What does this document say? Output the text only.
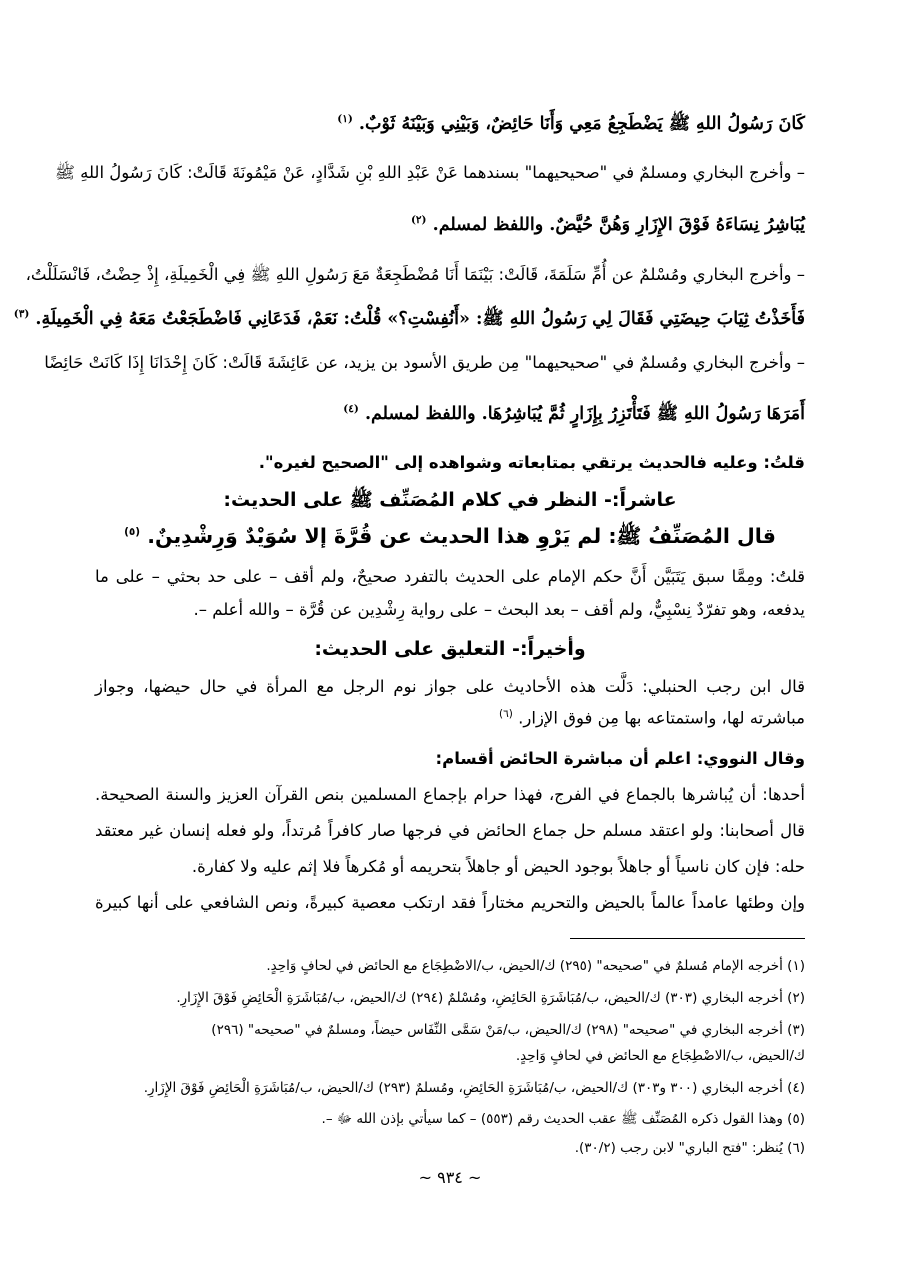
كَانَ رَسُولُ اللهِ ﷺ يَضْطَجِعُ مَعِي وَأَنَا حَائِضٌ، وَبَيْنِي وَبَيْنَهُ ثَوْبٌ. $^{(١)}$
– وأخرج البخاري ومسلمٌ في "صحيحيهما" بسندهما عَنْ عَبْدِ اللهِ بْنِ شَدَّادٍ، عَنْ مَيْمُونَةَ قَالَتْ: كَانَ رَسُولُ اللهِ ﷺ
يُبَاشِرُ نِسَاءَهُ فَوْقَ الإِزَارِ وَهُنَّ حُيَّضٌ. واللفظ لمسلم. $^{(٢)}$
– وأخرج البخاري ومُسْلمٌ عن أُمِّ سَلَمَةَ، قَالَتْ: بَيْنَمَا أَنَا مُضْطَجِعَةٌ مَعَ رَسُولِ اللهِ ﷺ فِي الْخَمِيلَةِ، إِذْ حِضْتُ، فَانْسَلَلْتُ،
فَأَخَذْتُ ثِيَابَ حِيضَتِي فَقَالَ لِي رَسُولُ اللهِ ﷺ: «أَنُفِسْتِ؟» قُلْتُ: نَعَمْ، فَدَعَانِي فَاضْطَجَعْتُ مَعَهُ فِي الْخَمِيلَةِ. $^{(٣)}$
– وأخرج البخاري ومُسلمٌ في "صحيحيهما" مِن طريق الأسود بن يزيد، عن عَائِشَةَ قَالَتْ: كَانَ إِحْدَانَا إِذَا كَانَتْ حَائِضًا
أَمَرَهَا رَسُولُ اللهِ ﷺ فَتَأْتَزِرُ بِإِزَارٍ ثُمَّ يُبَاشِرُهَا. واللفظ لمسلم. $^{(٤)}$
قلتُ: وعليه فالحديث يرتقي بمتابعاته وشواهده إلى "الصحيح لغيره".
عاشراً:- النظر في كلام المُصَنِّف ﷺ على الحديث:
قال المُصَنِّفُ ﷺ: لم يَرْوِ هذا الحديث عن قُرَّةَ إلا سُوَيْدٌ وَرِشْدِينٌ. $^{(٥)}$
قلتُ: ومِمَّا سبق يَتَبَيَّن أَنَّ حكم الإمام على الحديث بالتفرد صحيحٌ، ولم أقف – على حد بحثي – على ما
يدفعه، وهو تفرّدٌ نِسْبِيٌّ، ولم أقف – بعد البحث – على رواية رِشْدِين عن قُرَّة – والله أعلم –.
وأخيراً:- التعليق على الحديث:
قال ابن رجب الحنبلي: دَلَّت هذه الأحاديث على جواز نوم الرجل مع المرأة في حال حيضها، وجواز
مباشرته لها، واستمتاعه بها مِن فوق الإزار. $^{(٦)}$
وقال النووي: اعلم أن مباشرة الحائض أقسام:
أحدها: أن يُباشرها بالجماع في الفرج، فهذا حرام بإجماع المسلمين بنص القرآن العزيز والسنة الصحيحة.
قال أصحابنا: ولو اعتقد مسلم حل جماع الحائض في فرجها صار كافراً مُرتداً، ولو فعله إنسان غير معتقد
حله: فإن كان ناسياً أو جاهلاً بوجود الحيض أو جاهلاً بتحريمه أو مُكرهاً فلا إثم عليه ولا كفارة.
وإن وطئها عامداً عالماً بالحيض والتحريم مختاراً فقد ارتكب معصية كبيرةً، ونص الشافعي على أنها كبيرة
(١) أخرجه الإمام مُسلمٌ في "صحيحه" (٢٩٥) ك/الحيض، ب/الاضْطِجَاع مع الحائض في لحافٍ وَاحِدٍ.
(٢) أخرجه البخاري (٣٠٣) ك/الحيض، ب/مُبَاشَرَةِ الحَائِضِ، ومُسْلمٌ (٢٩٤) ك/الحيض، ب/مُبَاشَرَةِ الْحَائِضِ فَوْقَ الإِزَارِ.
(٣) أخرجه البخاري في "صحيحه" (٢٩٨) ك/الحيض، ب/مَنْ سَمَّى النِّفَاس حيضاً، ومسلمٌ في "صحيحه" (٢٩٦)
ك/الحيض، ب/الاضْطِجَاع مع الحائض في لحافٍ وَاحِدٍ.
(٤) أخرجه البخاري (٣٠٠ و٣٠٣) ك/الحيض، ب/مُبَاشَرَةِ الحَائِضِ، ومُسلمٌ (٢٩٣) ك/الحيض، ب/مُبَاشَرَةِ الْحَائِضِ فَوْقَ الإِزَارِ.
(٥) وهذا القول ذكره المُصَنِّف ﷺ عقب الحديث رقم (٥٥٣) – كما سيأتي بإذن الله ﷻ –.
(٦) يُنظر: "فتح الباري" لابن رجب (٣٠/٢).
~ ٩٣٤ ~
